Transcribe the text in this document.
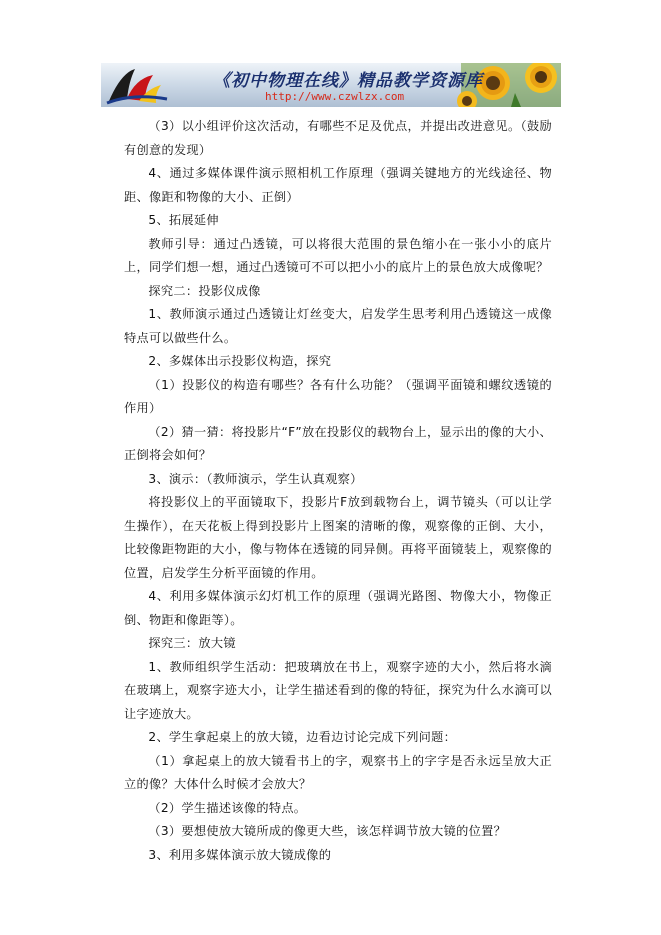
《初中物理在线》精品教学资源库
http://www.czwlzx.com

（3）以小组评价这次活动，有哪些不足及优点，并提出改进意见。（鼓励有创意的发现）

4、通过多媒体课件演示照相机工作原理（强调关键地方的光线途径、物距、像距和物像的大小、正倒）

5、拓展延伸

教师引导：通过凸透镜，可以将很大范围的景色缩小在一张小小的底片上，同学们想一想，通过凸透镜可不可以把小小的底片上的景色放大成像呢？

探究二：投影仪成像

1、教师演示通过凸透镜让灯丝变大，启发学生思考利用凸透镜这一成像特点可以做些什么。

2、多媒体出示投影仪构造，探究

（1）投影仪的构造有哪些？各有什么功能？（强调平面镜和螺纹透镜的作用）

（2）猜一猜：将投影片“F”放在投影仪的载物台上，显示出的像的大小、正倒将会如何？

3、演示：（教师演示，学生认真观察）

将投影仪上的平面镜取下，投影片F放到载物台上，调节镜头（可以让学生操作），在天花板上得到投影片上图案的清晰的像，观察像的正倒、大小，比较像距物距的大小，像与物体在透镜的同异侧。再将平面镜装上，观察像的位置，启发学生分析平面镜的作用。

4、利用多媒体演示幻灯机工作的原理（强调光路图、物像大小，物像正倒、物距和像距等）。

探究三：放大镜

1、教师组织学生活动：把玻璃放在书上，观察字迹的大小，然后将水滴在玻璃上，观察字迹大小，让学生描述看到的像的特征，探究为什么水滴可以让字迹放大。

2、学生拿起桌上的放大镜，边看边讨论完成下列问题：

（1）拿起桌上的放大镜看书上的字，观察书上的字字是否永远呈放大正立的像？大体什么时候才会放大？

（2）学生描述该像的特点。

（3）要想使放大镜所成的像更大些，该怎样调节放大镜的位置？

3、利用多媒体演示放大镜成像的
